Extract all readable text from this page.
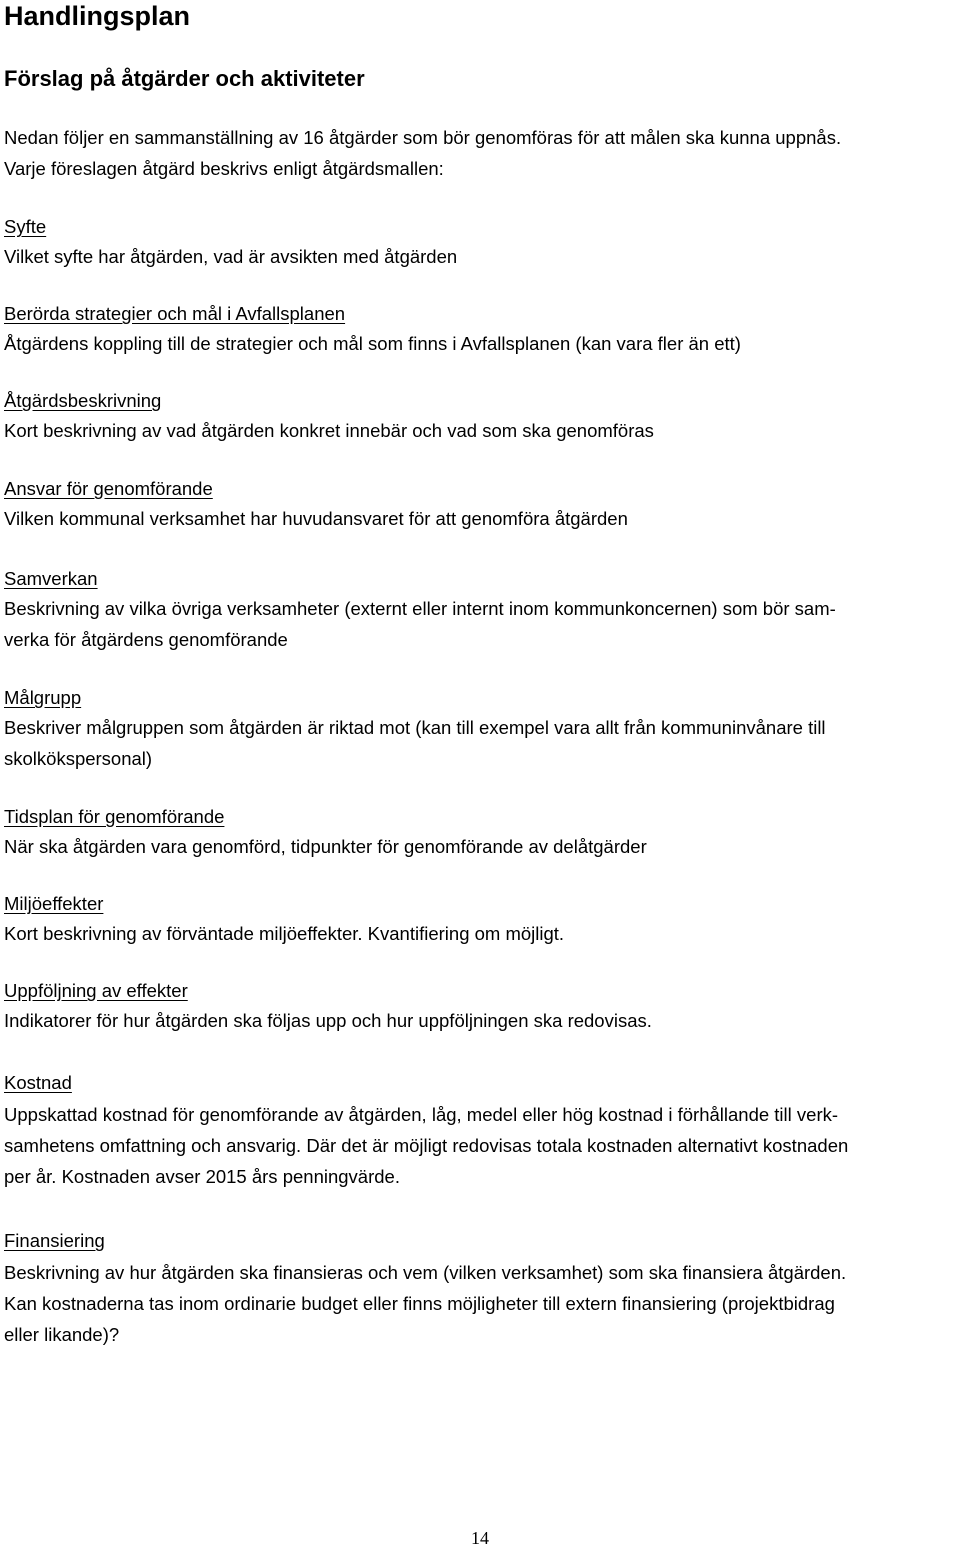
Handlingsplan
Förslag på åtgärder och aktiviteter

Nedan följer en sammanställning av 16 åtgärder som bör genomföras för att målen ska kunna uppnås.
Varje föreslagen åtgärd beskrivs enligt åtgärdsmallen:

Syfte
Vilket syfte har åtgärden, vad är avsikten med åtgärden
Berörda strategier och mål i Avfallsplanen
Åtgärdens koppling till de strategier och mål som finns i Avfallsplanen (kan vara fler än ett)
Åtgärdsbeskrivning
Kort beskrivning av vad åtgärden konkret innebär och vad som ska genomföras
Ansvar för genomförande
Vilken kommunal verksamhet har huvudansvaret för att genomföra åtgärden
Samverkan
Beskrivning av vilka övriga verksamheter (externt eller internt inom kommunkoncernen) som bör sam-
verka för åtgärdens genomförande
Målgrupp
Beskriver målgruppen som åtgärden är riktad mot (kan till exempel vara allt från kommuninvånare till
skolkökspersonal)
Tidsplan för genomförande
När ska åtgärden vara genomförd, tidpunkter för genomförande av delåtgärder
Miljöeffekter
Kort beskrivning av förväntade miljöeffekter. Kvantifiering om möjligt.
Uppföljning av effekter
Indikatorer för hur åtgärden ska följas upp och hur uppföljningen ska redovisas.
Kostnad
Uppskattad kostnad för genomförande av åtgärden, låg, medel eller hög kostnad i förhållande till verk-
samhetens omfattning och ansvarig. Där det är möjligt redovisas totala kostnaden alternativt kostnaden
per år. Kostnaden avser 2015 års penningvärde.
Finansiering
Beskrivning av hur åtgärden ska finansieras och vem (vilken verksamhet) som ska finansiera åtgärden.
Kan kostnaderna tas inom ordinarie budget eller finns möjligheter till extern finansiering (projektbidrag
eller likande)?
14
